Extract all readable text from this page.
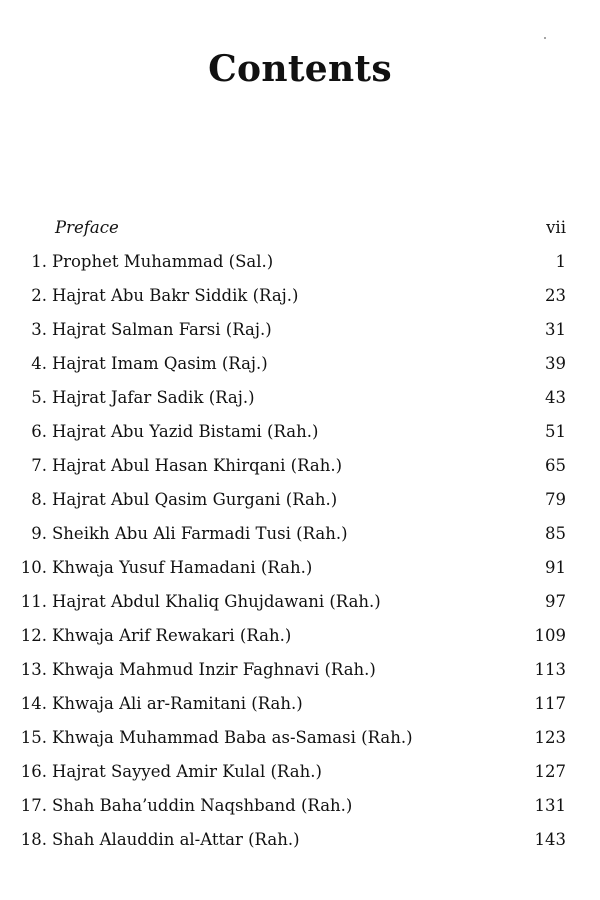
Contents
Preface	vii
1. Prophet Muhammad (Sal.)	1
2. Hajrat Abu Bakr Siddik (Raj.)	23
3. Hajrat Salman Farsi (Raj.)	31
4. Hajrat Imam Qasim (Raj.)	39
5. Hajrat Jafar Sadik (Raj.)	43
6. Hajrat Abu Yazid Bistami (Rah.)	51
7. Hajrat Abul Hasan Khirqani (Rah.)	65
8. Hajrat Abul Qasim Gurgani (Rah.)	79
9. Sheikh Abu Ali Farmadi Tusi (Rah.)	85
10. Khwaja Yusuf Hamadani (Rah.)	91
11. Hajrat Abdul Khaliq Ghujdawani (Rah.)	97
12. Khwaja Arif Rewakari (Rah.)	109
13. Khwaja Mahmud Inzir Faghnavi (Rah.)	113
14. Khwaja Ali ar-Ramitani (Rah.)	117
15. Khwaja Muhammad Baba as-Samasi (Rah.)	123
16. Hajrat Sayyed Amir Kulal (Rah.)	127
17. Shah Baha’uddin Naqshband (Rah.)	131
18. Shah Alauddin al-Attar (Rah.)	143
